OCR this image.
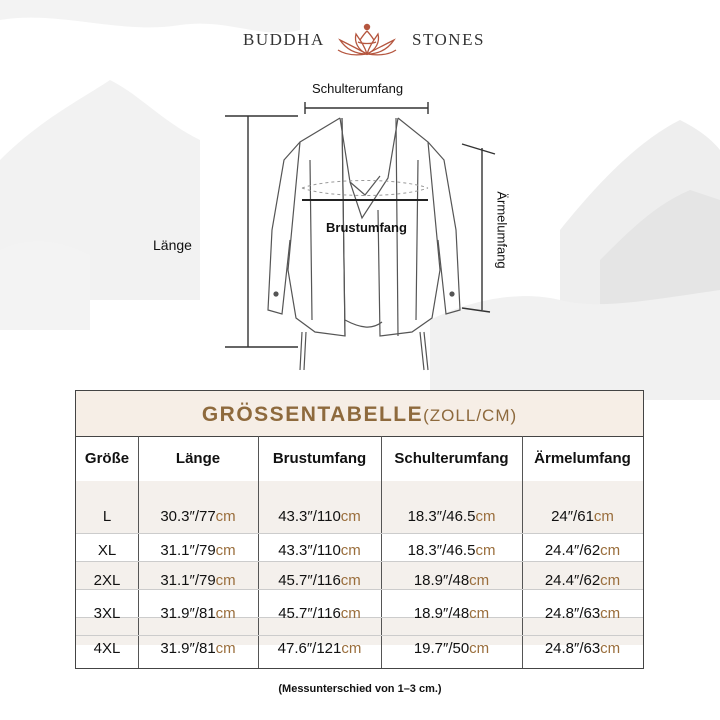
BUDDHA	STONES
Schulterumfang
Länge
Brustumfang	Ärmelumfang
GRÖSSENTABELLE(ZOLL/CM)
Größe	Länge	Brustumfang	Schulterumfang	Ärmelumfang
L	30.3″/77cm	43.3″/110cm	18.3″/46.5cm	24″/61cm
XL	31.1″/79cm	43.3″/110cm	18.3″/46.5cm	24.4″/62cm
2XL	31.1″/79cm	45.7″/116cm	18.9″/48cm	24.4″/62cm
3XL	31.9″/81cm	45.7″/116cm	18.9″/48cm	24.8″/63cm
4XL	31.9″/81cm	47.6″/121cm	19.7″/50cm	24.8″/63cm
(Messunterschied von 1–3 cm.)
